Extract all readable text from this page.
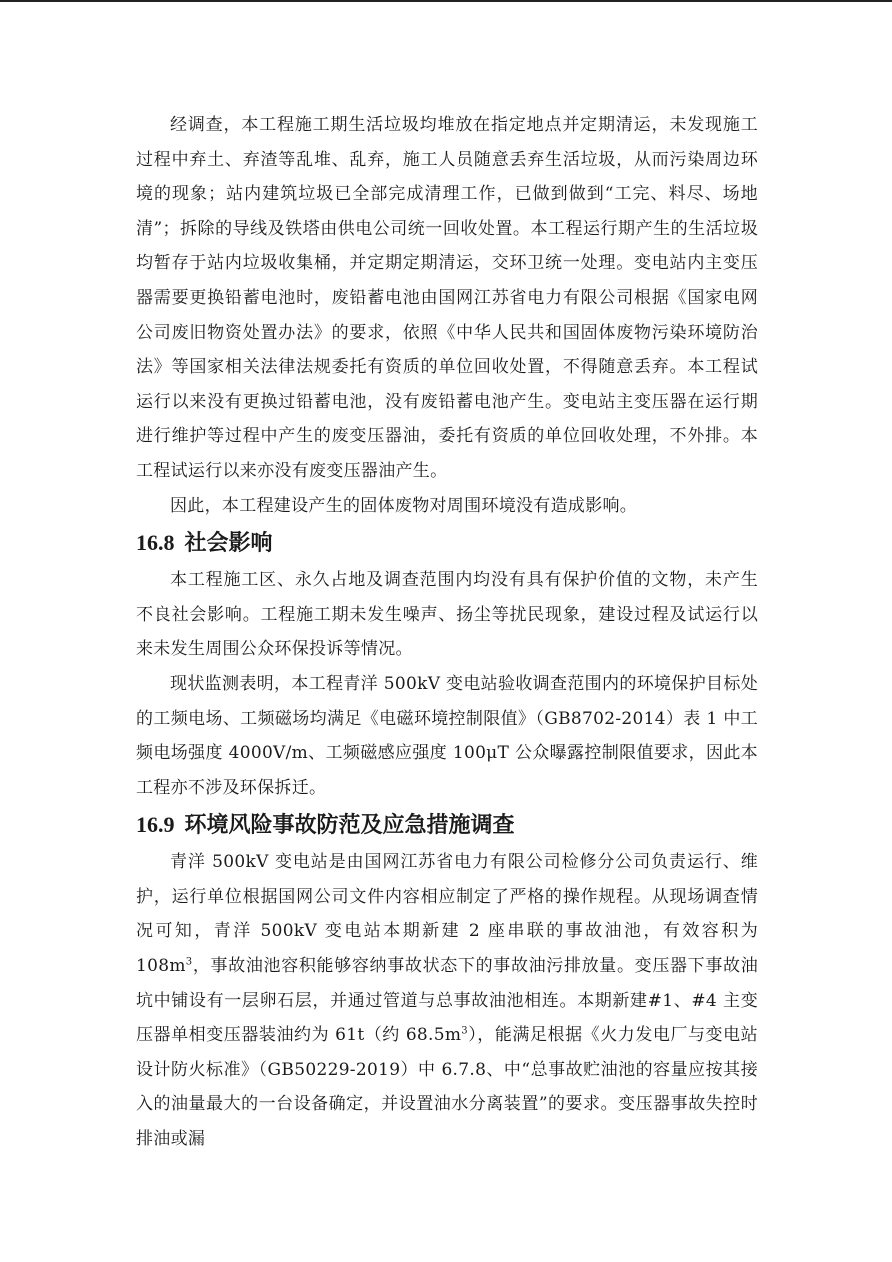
经调查，本工程施工期生活垃圾均堆放在指定地点并定期清运，未发现施工过程中弃土、弃渣等乱堆、乱弃，施工人员随意丢弃生活垃圾，从而污染周边环境的现象；站内建筑垃圾已全部完成清理工作，已做到做到“工完、料尽、场地清”；拆除的导线及铁塔由供电公司统一回收处置。本工程运行期产生的生活垃圾均暂存于站内垃圾收集桶，并定期定期清运，交环卫统一处理。变电站内主变压器需要更换铅蓄电池时，废铅蓄电池由国网江苏省电力有限公司根据《国家电网公司废旧物资处置办法》的要求，依照《中华人民共和国固体废物污染环境防治法》等国家相关法律法规委托有资质的单位回收处置，不得随意丢弃。本工程试运行以来没有更换过铅蓄电池，没有废铅蓄电池产生。变电站主变压器在运行期进行维护等过程中产生的废变压器油，委托有资质的单位回收处理，不外排。本工程试运行以来亦没有废变压器油产生。

因此，本工程建设产生的固体废物对周围环境没有造成影响。

16.8 社会影响

本工程施工区、永久占地及调查范围内均没有具有保护价值的文物，未产生不良社会影响。工程施工期未发生噪声、扬尘等扰民现象，建设过程及试运行以来未发生周围公众环保投诉等情况。

现状监测表明，本工程青洋 500kV 变电站验收调查范围内的环境保护目标处的工频电场、工频磁场均满足《电磁环境控制限值》（GB8702-2014）表 1 中工频电场强度 4000V/m、工频磁感应强度 100μT 公众曝露控制限值要求，因此本工程亦不涉及环保拆迁。

16.9 环境风险事故防范及应急措施调查

青洋 500kV 变电站是由国网江苏省电力有限公司检修分公司负责运行、维护，运行单位根据国网公司文件内容相应制定了严格的操作规程。从现场调查情况可知，青洋 500kV 变电站本期新建 2 座串联的事故油池，有效容积为 $108m^3$，事故油池容积能够容纳事故状态下的事故油污排放量。变压器下事故油坑中铺设有一层卵石层，并通过管道与总事故油池相连。本期新建#1、#4 主变压器单相变压器装油约为 61t（约 $68.5m^3$），能满足根据《火力发电厂与变电站设计防火标准》（GB50229-2019）中 6.7.8、中“总事故贮油池的容量应按其接入的油量最大的一台设备确定，并设置油水分离装置”的要求。变压器事故失控时排油或漏
